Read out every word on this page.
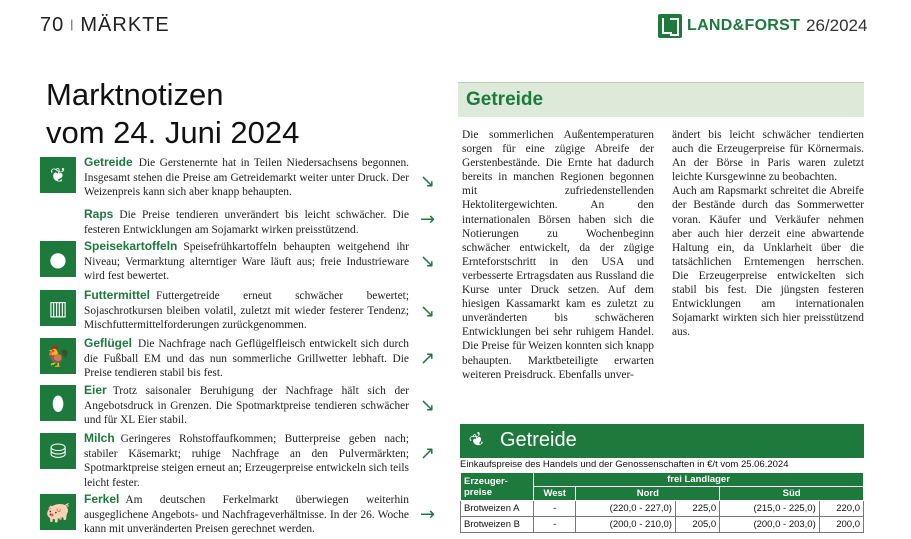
70 | MÄRKTE	LAND&FORST 26/2024
Marktnotizen
vom 24. Juni 2024
❦
Getreide Die Gerstenernte hat in Teilen Niedersachsens begonnen. Insgesamt stehen die Preise am Getreidemarkt weiter unter Druck. Der Weizenpreis kann sich aber knapp behaupten.
Raps Die Preise tendieren unverändert bis leicht schwächer. Die festeren Entwicklungen am Sojamarkt wirken preisstützend.
●
Speisekartoffeln Speisefrühkartoffeln behaupten weitgehend ihr Niveau; Vermarktung alterntiger Ware läuft aus; freie Industrieware wird fest bewertet.
▥
Futtermittel Futtergetreide erneut schwächer bewertet; Sojaschrotkursen bleiben volatil, zuletzt mit wieder festerer Tendenz; Mischfuttermittelforderungen zurückgenommen.
🐓
Geflügel Die Nachfrage nach Geflügelfleisch entwickelt sich durch die Fußball EM und das nun sommerliche Grillwetter lebhaft. Die Preise tendieren stabil bis fest.
⬮
Eier Trotz saisonaler Beruhigung der Nachfrage hält sich der Angebotsdruck in Grenzen. Die Spotmarktpreise tendieren schwächer und für XL Eier stabil.
⛁
Milch Geringeres Rohstoffaufkommen; Butterpreise geben nach; stabiler Käsemarkt; ruhige Nachfrage an den Pulvermärkten; Spotmarktpreise steigen erneut an; Erzeugerpreise entwickeln sich teils leicht fester.
🐖
Ferkel Am deutschen Ferkelmarkt überwiegen weiterhin ausgeglichene Angebots- und Nachfrageverhältnisse. In der 26. Woche kann mit unveränderten Preisen gerechnet werden.
↘
→
↘
↘
↗
↘
↗
→
Getreide

Die sommerlichen Außentemperaturen sorgen für eine zügige Abreife der Gerstenbestände. Die Ernte hat dadurch bereits in manchen Regionen begonnen mit zufriedenstellenden Hektolitergewichten. An den internationalen Börsen haben sich die Notierungen zu Wochenbeginn schwächer entwickelt, da der zügige Ernteforstschritt in den USA und verbesserte Ertragsdaten aus Russland die Kurse unter Druck setzen. Auf dem hiesigen Kassamarkt kam es zuletzt zu unveränderten bis schwächeren Entwicklungen bei sehr ruhigem Handel. Die Preise für Weizen konnten sich knapp behaupten. Marktbeteiligte erwarten weiteren Preisdruck. Ebenfalls unver-

ändert bis leicht schwächer tendierten auch die Erzeugerpreise für Körnermais. An der Börse in Paris waren zuletzt leichte Kursgewinne zu beobachten.

Auch am Rapsmarkt schreitet die Abreife der Bestände durch das Sommerwetter voran. Käufer und Verkäufer nehmen aber auch hier derzeit eine abwartende Haltung ein, da Unklarheit über die tatsächlichen Erntemengen herrschen. Die Erzeugerpreise entwickelten sich stabil bis fest. Die jüngsten festeren Entwicklungen am internationalen Sojamarkt wirkten sich hier preisstützend aus.

❦ Getreide
Einkaufspreise des Handels und der Genossenschaften in €/t vom 25.06.2024
Erzeuger-preise	frei Landlager				
	West	Nord		Süd	
Brotweizen A	-	(220,0 - 227,0)	225,0	(215,0 - 225,0)	220,0
Brotweizen B	-	(200,0 - 210,0)	205,0	(200,0 - 203,0)	200,0
